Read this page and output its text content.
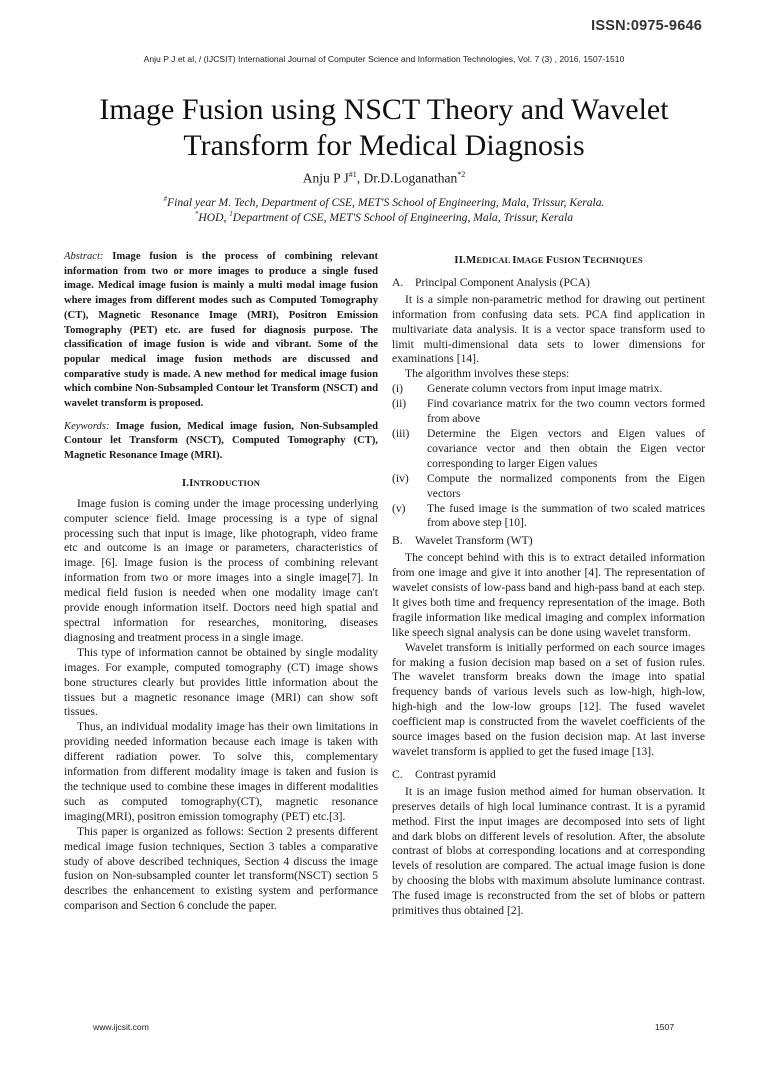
ISSN:0975-9646
Anju P J et al, / (IJCSIT) International Journal of Computer Science and Information Technologies, Vol. 7 (3) , 2016, 1507-1510
Image Fusion using NSCT Theory and Wavelet
Transform for Medical Diagnosis
Anju P $J^{\#1}$, Dr.D.Loganathan$^{*2}$
#Final year M. Tech, Department of CSE, MET'S School of Engineering, Mala, Trissur, Kerala.
*HOD, $^1$Department of CSE, MET'S School of Engineering, Mala, Trissur, Kerala
Abstract: Image fusion is the process of combining relevant information from two or more images to produce a single fused image. Medical image fusion is mainly a multi modal image fusion where images from different modes such as Computed Tomography (CT), Magnetic Resonance Image (MRI), Positron Emission Tomography (PET) etc. are fused for diagnosis purpose. The classification of image fusion is wide and vibrant. Some of the popular medical image fusion methods are discussed and comparative study is made. A new method for medical image fusion which combine Non-Subsampled Contour let Transform (NSCT) and wavelet transform is proposed.
Keywords: Image fusion, Medical image fusion, Non-Subsampled Contour let Transform (NSCT), Computed Tomography (CT), Magnetic Resonance Image (MRI).
I.INTRODUCTION

Image fusion is coming under the image processing underlying computer science field. Image processing is a type of signal processing such that input is image, like photograph, video frame etc and outcome is an image or parameters, characteristics of image. [6]. Image fusion is the process of combining relevant information from two or more images into a single image[7]. In medical field fusion is needed when one modality image can't provide enough information itself. Doctors need high spatial and spectral information for researches, monitoring, diseases diagnosing and treatment process in a single image.

This type of information cannot be obtained by single modality images. For example, computed tomography (CT) image shows bone structures clearly but provides little information about the tissues but a magnetic resonance image (MRI) can show soft tissues.

Thus, an individual modality image has their own limitations in providing needed information because each image is taken with different radiation power. To solve this, complementary information from different modality image is taken and fusion is the technique used to combine these images in different modalities such as computed tomography(CT), magnetic resonance imaging(MRI), positron emission tomography (PET) etc.[3].

This paper is organized as follows: Section 2 presents different medical image fusion techniques, Section 3 tables a comparative study of above described techniques, Section 4 discuss the image fusion on Non-subsampled counter let transform(NSCT) section 5 describes the enhancement to existing system and performance comparison and Section 6 conclude the paper.

II.MEDICAL IMAGE FUSION TECHNIQUES
A. Principal Component Analysis (PCA)

It is a simple non-parametric method for drawing out pertinent information from confusing data sets. PCA find application in multivariate data analysis. It is a vector space transform used to limit multi-dimensional data sets to lower dimensions for examinations [14].

The algorithm involves these steps:
(i)	Generate column vectors from input image matrix.
(ii)	Find covariance matrix for the two coumn vectors formed from above
(iii)	Determine the Eigen vectors and Eigen values of covariance vector and then obtain the Eigen vector corresponding to larger Eigen values
(iv)	Compute the normalized components from the Eigen vectors
(v)	The fused image is the summation of two scaled matrices from above step [10].
B. Wavelet Transform (WT)

The concept behind with this is to extract detailed information from one image and give it into another [4]. The representation of wavelet consists of low-pass band and high-pass band at each step. It gives both time and frequency representation of the image. Both fragile information like medical imaging and complex information like speech signal analysis can be done using wavelet transform.

Wavelet transform is initially performed on each source images for making a fusion decision map based on a set of fusion rules. The wavelet transform breaks down the image into spatial frequency bands of various levels such as low-high, high-low, high-high and the low-low groups [12]. The fused wavelet coefficient map is constructed from the wavelet coefficients of the source images based on the fusion decision map. At last inverse wavelet transform is applied to get the fused image [13].

C. Contrast pyramid

It is an image fusion method aimed for human observation. It preserves details of high local luminance contrast. It is a pyramid method. First the input images are decomposed into sets of light and dark blobs on different levels of resolution. After, the absolute contrast of blobs at corresponding locations and at corresponding levels of resolution are compared. The actual image fusion is done by choosing the blobs with maximum absolute luminance contrast. The fused image is reconstructed from the set of blobs or pattern primitives thus obtained [2].

www.ijcsit.com	1507
